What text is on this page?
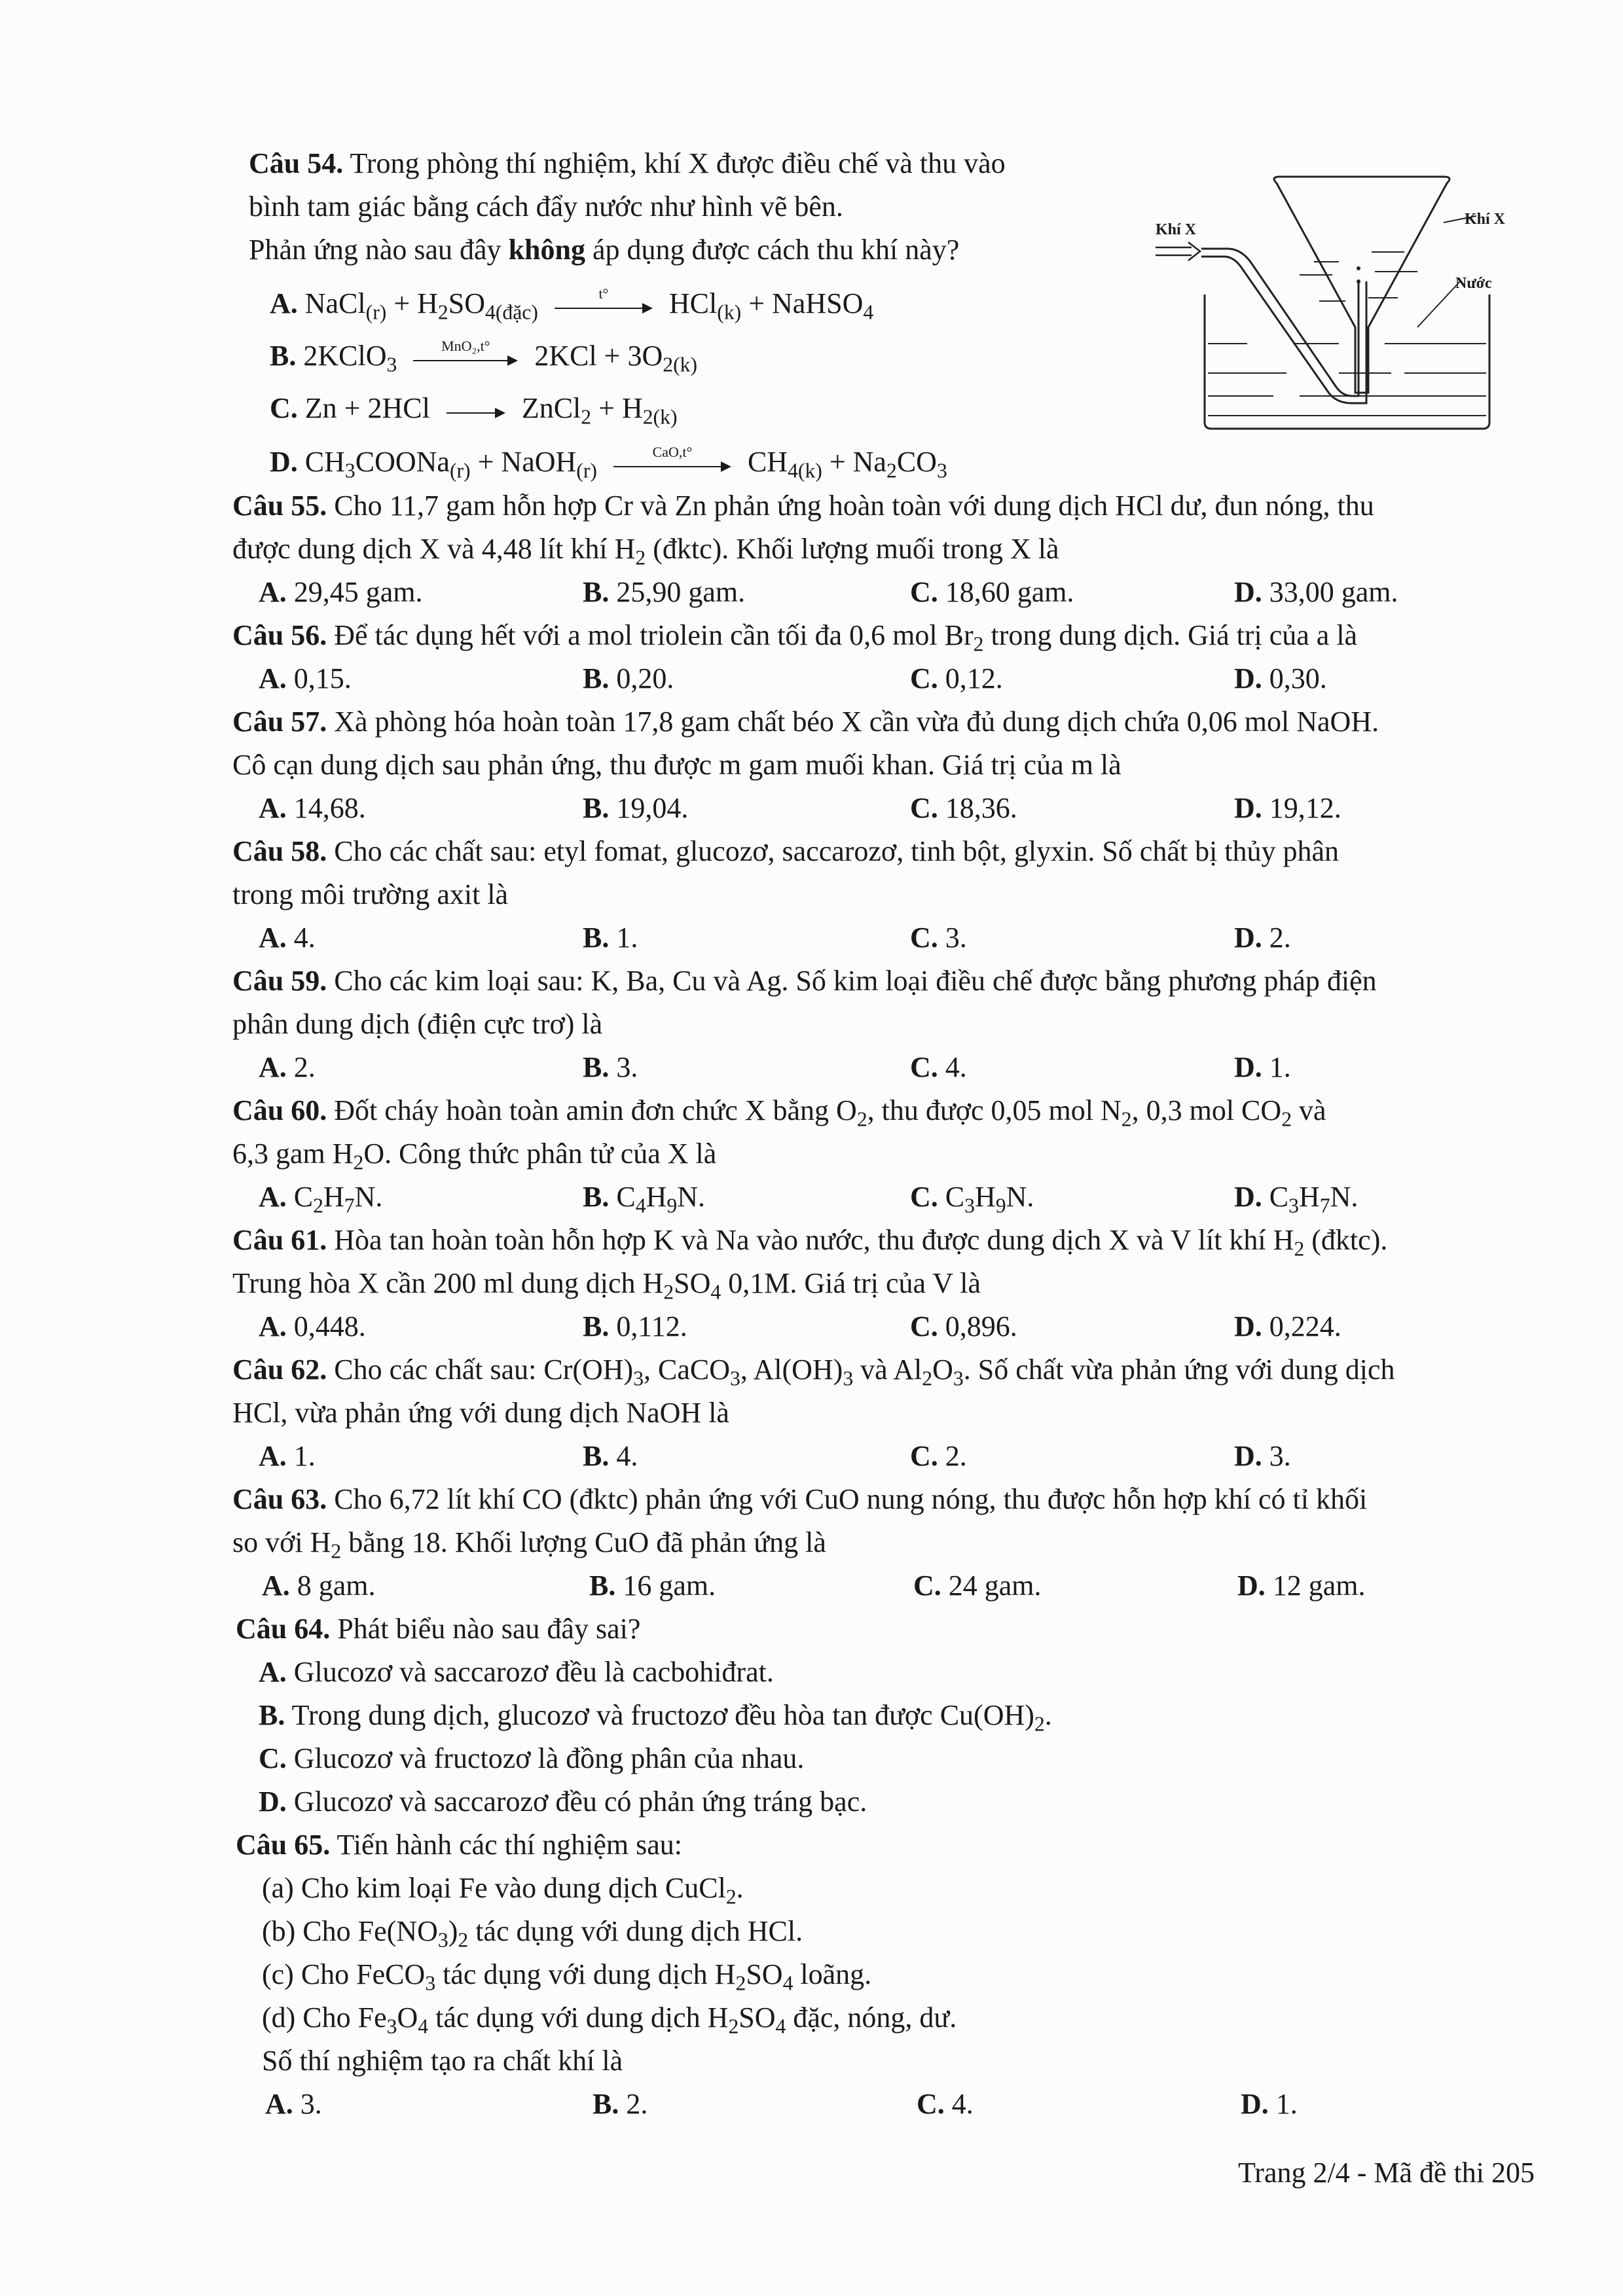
Câu 54. Trong phòng thí nghiệm, khí X được điều chế và thu vào
bình tam giác bằng cách đẩy nước như hình vẽ bên.
Phản ứng nào sau đây không áp dụng được cách thu khí này?
A. NaCl$_{(r)}$ + $H_2SO_{4(đặc)}$
t°	HCl$_{(k)}$ + NaHSO$_4$
B. 2KClO$_3$
MnO₂,t°	$2KCl + 3O_{2(k)}$
C. Zn + 2HCl	ZnCl$_2$ + $H_{2(k)}$
D. $CH_3COONa_{(r)}$ + NaOH$_{(r)}$
CaO,t°	$CH_{4(k)} + Na_2CO_3$
Khí X
Khí X
Nước
Câu 55. Cho 11,7 gam hỗn hợp Cr và Zn phản ứng hoàn toàn với dung dịch HCl dư, đun nóng, thu
được dung dịch X và 4,48 lít khí $H_2$ (đktc). Khối lượng muối trong X là
A. 29,45 gam.	B. 25,90 gam.	C. 18,60 gam.	D. 33,00 gam.
Câu 56. Để tác dụng hết với a mol triolein cần tối đa 0,6 mol $Br_2$ trong dung dịch. Giá trị của a là
A. 0,15.	B. 0,20.	C. 0,12.	D. 0,30.
Câu 57. Xà phòng hóa hoàn toàn 17,8 gam chất béo X cần vừa đủ dung dịch chứa 0,06 mol NaOH.
Cô cạn dung dịch sau phản ứng, thu được m gam muối khan. Giá trị của m là
A. 14,68.	B. 19,04.	C. 18,36.	D. 19,12.
Câu 58. Cho các chất sau: etyl fomat, glucozơ, saccarozơ, tinh bột, glyxin. Số chất bị thủy phân
trong môi trường axit là
A. 4.	B. 1.	C. 3.	D. 2.
Câu 59. Cho các kim loại sau: K, Ba, Cu và Ag. Số kim loại điều chế được bằng phương pháp điện
phân dung dịch (điện cực trơ) là
A. 2.	B. 3.	C. 4.	D. 1.
Câu 60. Đốt cháy hoàn toàn amin đơn chức X bằng $O_2$, thu được 0,05 mol $N_2$, 0,3 mol $CO_2$ và
6,3 gam $H_2O$. Công thức phân tử của X là
A. $C_2H_7N$.	B. $C_4H_9N$.	C. $C_3H_9N$.	D. $C_3H_7N$.
Câu 61. Hòa tan hoàn toàn hỗn hợp K và Na vào nước, thu được dung dịch X và V lít khí $H_2$ (đktc).
Trung hòa X cần 200 ml dung dịch $H_2SO_4$ 0,1M. Giá trị của V là
A. 0,448.	B. 0,112.	C. 0,896.	D. 0,224.
Câu 62. Cho các chất sau: $Cr(OH)_3$, CaCO$_3$, $Al(OH)_3$ và $Al_2O_3$. Số chất vừa phản ứng với dung dịch
HCl, vừa phản ứng với dung dịch NaOH là
A. 1.	B. 4.	C. 2.	D. 3.
Câu 63. Cho 6,72 lít khí CO (đktc) phản ứng với CuO nung nóng, thu được hỗn hợp khí có tỉ khối
so với $H_2$ bằng 18. Khối lượng CuO đã phản ứng là
A. 8 gam.	B. 16 gam.	C. 24 gam.	D. 12 gam.
Câu 64. Phát biểu nào sau đây sai?
A. Glucozơ và saccarozơ đều là cacbohiđrat.
B. Trong dung dịch, glucozơ và fructozơ đều hòa tan được $Cu(OH)_2$.
C. Glucozơ và fructozơ là đồng phân của nhau.
D. Glucozơ và saccarozơ đều có phản ứng tráng bạc.
Câu 65. Tiến hành các thí nghiệm sau:
(a) Cho kim loại Fe vào dung dịch CuCl$_2$.
(b) Cho $Fe(NO_3)_2$ tác dụng với dung dịch HCl.
(c) Cho FeCO$_3$ tác dụng với dung dịch $H_2SO_4$ loãng.
(d) Cho $Fe_3O_4$ tác dụng với dung dịch $H_2SO_4$ đặc, nóng, dư.
Số thí nghiệm tạo ra chất khí là
A. 3.	B. 2.	C. 4.	D. 1.
Trang 2/4 - Mã đề thi 205
